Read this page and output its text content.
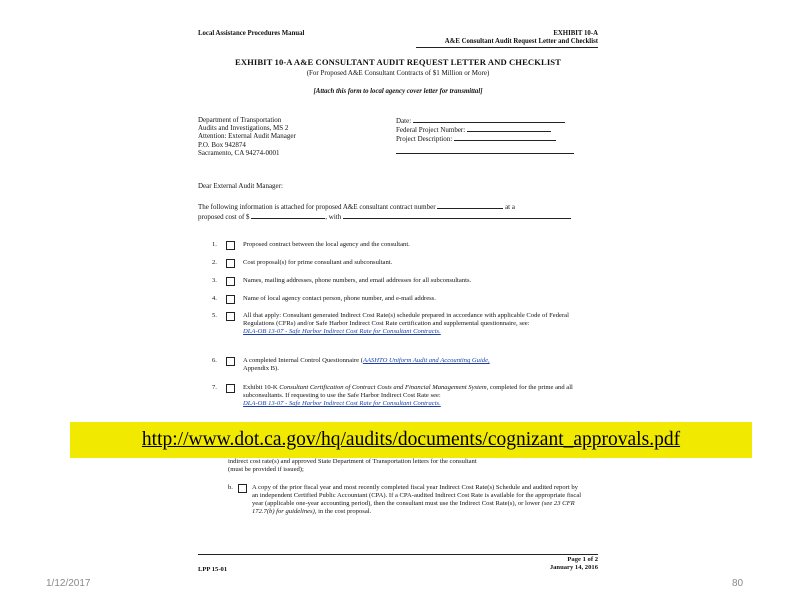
Local Assistance Procedures Manual	EXHIBIT 10-A
A&E Consultant Audit Request Letter and Checklist
EXHIBIT 10-A A&E CONSULTANT AUDIT REQUEST LETTER AND CHECKLIST
(For Proposed A&E Consultant Contracts of $1 Million or More)
[Attach this form to local agency cover letter for transmittal]
Department of Transportation
Audits and Investigations, MS 2
Attention: External Audit Manager
P.O. Box 942874
Sacramento, CA 94274-0001
Date:
Federal Project Number:
Project Description:
Dear External Audit Manager:
The following information is attached for proposed A&E consultant contract number	at a
proposed cost of $	, with
1.	Proposed contract between the local agency and the consultant.
2.	Cost proposal(s) for prime consultant and subconsultant.
3.	Names, mailing addresses, phone numbers, and email addresses for all subconsultants.
4.	Name of local agency contact person, phone number, and e-mail address.
5.	All that apply: Consultant generated Indirect Cost Rate(s) schedule prepared in accordance with applicable Code of Federal Regulations (CFRs) and/or Safe Harbor Indirect Cost Rate certification and supplemental questionnaire, see:
DLA-OB 13-07 - Safe Harbor Indirect Cost Rate for Consultant Contracts.
6.	A completed Internal Control Questionnaire (AASHTO Uniform Audit and Accounting Guide,
Appendix B).
7.	Exhibit 10-K Consultant Certification of Contract Costs and Financial Management System, completed for the prime and all subconsultants. If requesting to use the Safe Harbor Indirect Cost Rate see:
DLA-OB 13-07 - Safe Harbor Indirect Cost Rate for Consultant Contracts.
indirect cost rate(s) and approved State Department of Transportation letters for the consultant
(must be provided if issued);
b.	A copy of the prior fiscal year and most recently completed fiscal year Indirect Cost Rate(s) Schedule and audited report by an independent Certified Public Accountant (CPA). If a CPA-audited Indirect Cost Rate is available for the appropriate fiscal year (applicable one-year accounting period), then the consultant must use the Indirect Cost Rate(s), or lower (see 23 CFR 172.7(b) for guidelines), in the cost proposal.
LPP 15-01
Page 1 of 2
January 14, 2016
http://www.dot.ca.gov/hq/audits/documents/cognizant_approvals.pdf
1/12/2017	80
